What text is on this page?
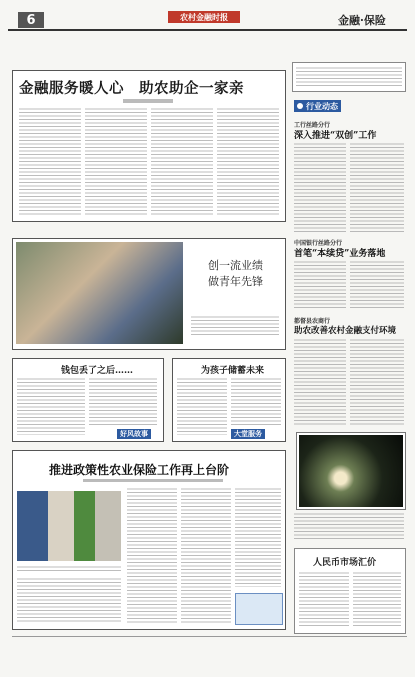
6	农村金融时报	金融·保险
金融服务暖人心　助农助企一家亲
创一流业绩
做青年先锋
钱包丢了之后……
好风故事
为孩子储蓄未来
大堂服务
推进政策性农业保险工作再上台阶
行业动态
工行丝路分行
深入推进“双创”工作
中国银行丝路分行
首笔“本续贷”业务落地
都督县农商行
助农改善农村金融支付环境
人民币市场汇价
